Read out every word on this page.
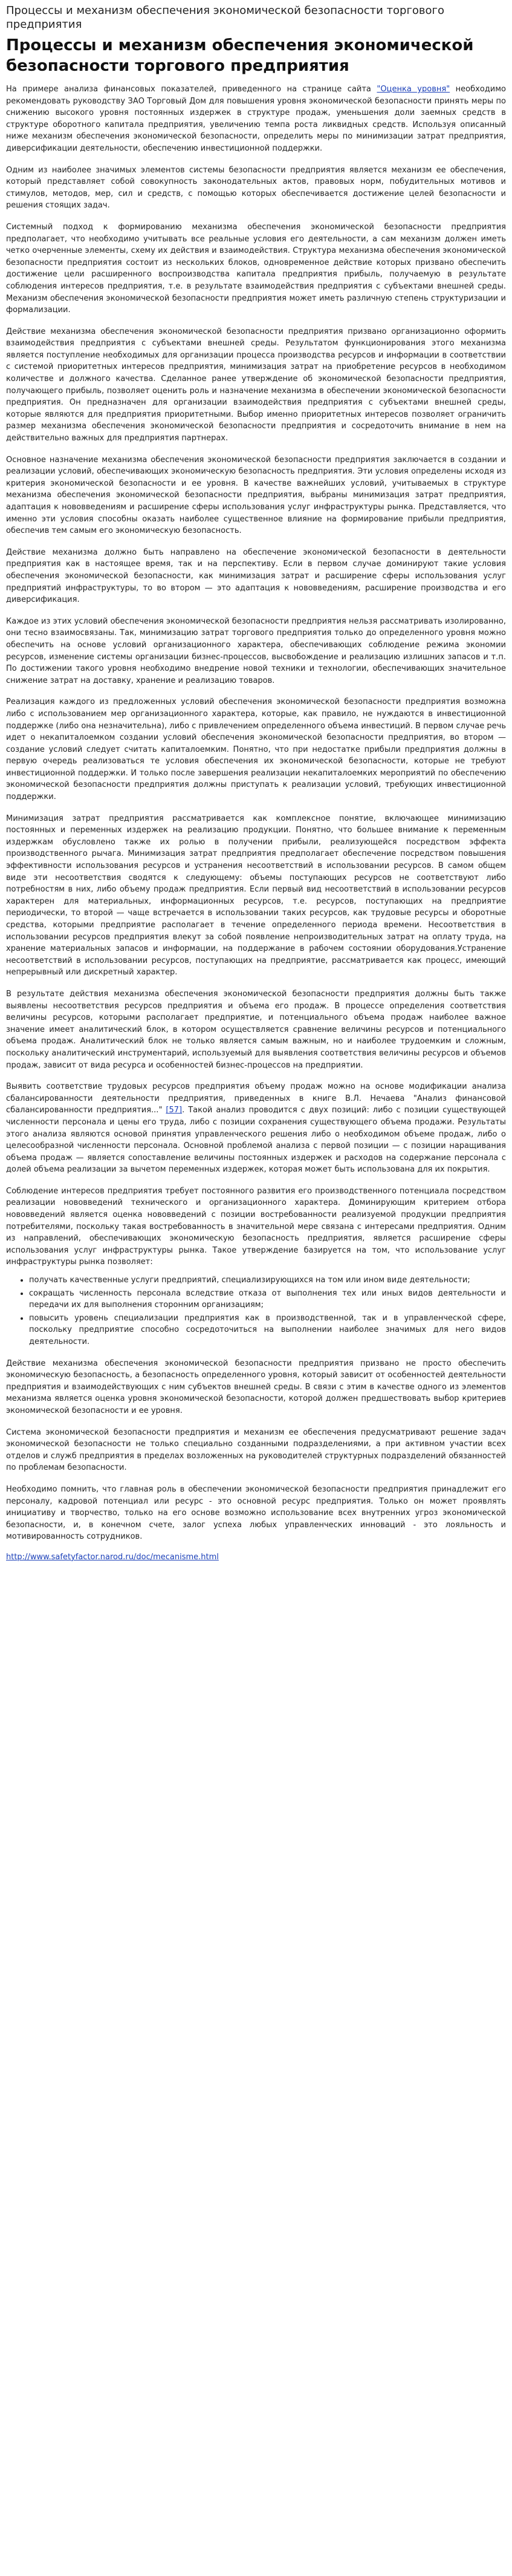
Процессы и механизм обеспечения экономической безопасности торгового предприятия
Процессы и механизм обеспечения экономической безопасности торгового предприятия

На примере анализа финансовых показателей, приведенного на странице сайта "Оценка уровня" необходимо рекомендовать руководству ЗАО Торговый Дом для повышения уровня экономической безопасности принять меры по снижению высокого уровня постоянных издержек в структуре продаж, уменьшения доли заемных средств в структуре оборотного капитала предприятия, увеличению темпа роста ликвидных средств. Используя описанный ниже механизм обеспечения экономической безопасности, определить меры по минимизации затрат предприятия, диверсификации деятельности, обеспечению инвестиционной поддержки.

Одним из наиболее значимых элементов системы безопасности предприятия является механизм ее обеспечения, который представляет собой совокупность законодательных актов, правовых норм, побудительных мотивов и стимулов, методов, мер, сил и средств, с помощью которых обеспечивается достижение целей безопасности и решения стоящих задач.

Системный подход к формированию механизма обеспечения экономической безопасности предприятия предполагает, что необходимо учитывать все реальные условия его деятельности, а сам механизм должен иметь четко очерченные элементы, схему их действия и взаимодействия. Структура механизма обеспечения экономической безопасности предприятия состоит из нескольких блоков, одновременное действие которых призвано обеспечить достижение цели расширенного воспроизводства капитала предприятия прибыль, получаемую в результате соблюдения интересов предприятия, т.е. в результате взаимодействия предприятия с субъектами внешней среды. Механизм обеспечения экономической безопасности предприятия может иметь различную степень структуризации и формализации.

Действие механизма обеспечения экономической безопасности предприятия призвано организационно оформить взаимодействия предприятия с субъектами внешней среды. Результатом функционирования этого механизма является поступление необходимых для организации процесса производства ресурсов и информации в соответствии с системой приоритетных интересов предприятия, минимизация затрат на приобретение ресурсов в необходимом количестве и должного качества. Сделанное ранее утверждение об экономической безопасности предприятия, получающего прибыль, позволяет оценить роль и назначение механизма в обеспечении экономической безопасности предприятия. Он предназначен для организации взаимодействия предприятия с субъектами внешней среды, которые являются для предприятия приоритетными. Выбор именно приоритетных интересов позволяет ограничить размер механизма обеспечения экономической безопасности предприятия и сосредоточить внимание в нем на действительно важных для предприятия партнерах.

Основное назначение механизма обеспечения экономической безопасности предприятия заключается в создании и реализации условий, обеспечивающих экономическую безопасность предприятия. Эти условия определены исходя из критерия экономической безопасности и ее уровня. В качестве важнейших условий, учитываемых в структуре механизма обеспечения экономической безопасности предприятия, выбраны минимизация затрат предприятия, адаптация к нововведениям и расширение сферы использования услуг инфраструктуры рынка. Представляется, что именно эти условия способны оказать наиболее существенное влияние на формирование прибыли предприятия, обеспечив тем самым его экономическую безопасность.

Действие механизма должно быть направлено на обеспечение экономической безопасности в деятельности предприятия как в настоящее время, так и на перспективу. Если в первом случае доминируют такие условия обеспечения экономической безопасности, как минимизация затрат и расширение сферы использования услуг предприятий инфраструктуры, то во втором — это адаптация к нововведениям, расширение производства и его диверсификация.

Каждое из этих условий обеспечения экономической безопасности предприятия нельзя рассматривать изолированно, они тесно взаимосвязаны. Так, минимизацию затрат торгового предприятия только до определенного уровня можно обеспечить на основе условий организационного характера, обеспечивающих соблюдение режима экономии ресурсов, изменение системы организации бизнес-процессов, высвобождение и реализацию излишних запасов и т.п. По достижении такого уровня необходимо внедрение новой техники и технологии, обеспечивающих значительное снижение затрат на доставку, хранение и реализацию товаров.

Реализация каждого из предложенных условий обеспечения экономической безопасности предприятия возможна либо с использованием мер организационного характера, которые, как правило, не нуждаются в инвестиционной поддержке (либо она незначительна), либо с привлечением определенного объема инвестиций. В первом случае речь идет о некапиталоемком создании условий обеспечения экономической безопасности предприятия, во втором — создание условий следует считать капиталоемким. Понятно, что при недостатке прибыли предприятия должны в первую очередь реализоваться те условия обеспечения их экономической безопасности, которые не требуют инвестиционной поддержки. И только после завершения реализации некапиталоемких мероприятий по обеспечению экономической безопасности предприятия должны приступать к реализации условий, требующих инвестиционной поддержки.

Минимизация затрат предприятия рассматривается как комплексное понятие, включающее минимизацию постоянных и переменных издержек на реализацию продукции. Понятно, что большее внимание к переменным издержкам обусловлено также их ролью в получении прибыли, реализующейся посредством эффекта производственного рычага. Минимизация затрат предприятия предполагает обеспечение посредством повышения эффективности использования ресурсов и устранения несоответствий в использовании ресурсов. В самом общем виде эти несоответствия сводятся к следующему: объемы поступающих ресурсов не соответствуют либо потребностям в них, либо объему продаж предприятия. Если первый вид несоответствий в использовании ресурсов характерен для материальных, информационных ресурсов, т.е. ресурсов, поступающих на предприятие периодически, то второй — чаще встречается в использовании таких ресурсов, как трудовые ресурсы и оборотные средства, которыми предприятие располагает в течение определенного периода времени. Несоответствия в использовании ресурсов предприятия влекут за собой появление непроизводительных затрат на оплату труда, на хранение материальных запасов и информации, на поддержание в рабочем состоянии оборудования.Устранение несоответствий в использовании ресурсов, поступающих на предприятие, рассматривается как процесс, имеющий непрерывный или дискретный характер.

В результате действия механизма обеспечения экономической безопасности предприятия должны быть также выявлены несоответствия ресурсов предприятия и объема его продаж. В процессе определения соответствия величины ресурсов, которыми располагает предприятие, и потенциального объема продаж наиболее важное значение имеет аналитический блок, в котором осуществляется сравнение величины ресурсов и потенциального объема продаж. Аналитический блок не только является самым важным, но и наиболее трудоемким и сложным, поскольку аналитический инструментарий, используемый для выявления соответствия величины ресурсов и объемов продаж, зависит от вида ресурса и особенностей бизнес-процессов на предприятии.

Выявить соответствие трудовых ресурсов предприятия объему продаж можно на основе модификации анализа сбалансированности деятельности предприятия, приведенных в книге В.Л. Нечаева "Анализ финансовой сбалансированности предприятия..." [57]. Такой анализ проводится с двух позиций: либо с позиции существующей численности персонала и цены его труда, либо с позиции сохранения существующего объема продажи. Результаты этого анализа являются основой принятия управленческого решения либо о необходимом объеме продаж, либо о целесообразной численности персонала. Основной проблемой анализа с первой позиции — с позиции наращивания объема продаж — является сопоставление величины постоянных издержек и расходов на содержание персонала с долей объема реализации за вычетом переменных издержек, которая может быть использована для их покрытия.

Соблюдение интересов предприятия требует постоянного развития его производственного потенциала посредством реализации нововведений технического и организационного характера. Доминирующим критерием отбора нововведений является оценка нововведений с позиции востребованности реализуемой продукции предприятия потребителями, поскольку такая востребованность в значительной мере связана с интересами предприятия. Одним из направлений, обеспечивающих экономическую безопасность предприятия, является расширение сферы использования услуг инфраструктуры рынка. Такое утверждение базируется на том, что использование услуг инфраструктуры рынка позволяет:

• получать качественные услуги предприятий, специализирующихся на том или ином виде деятельности;
• сокращать численность персонала вследствие отказа от выполнения тех или иных видов деятельности и передачи их для выполнения сторонним организациям;
• повысить уровень специализации предприятия как в производственной, так и в управленческой сфере, поскольку предприятие способно сосредоточиться на выполнении наиболее значимых для него видов деятельности.

Действие механизма обеспечения экономической безопасности предприятия призвано не просто обеспечить экономическую безопасность, а безопасность определенного уровня, который зависит от особенностей деятельности предприятия и взаимодействующих с ним субъектов внешней среды. В связи с этим в качестве одного из элементов механизма является оценка уровня экономической безопасности, которой должен предшествовать выбор критериев экономической безопасности и ее уровня.

Система экономической безопасности предприятия и механизм ее обеспечения предусматривают решение задач экономической безопасности не только специально созданными подразделениями, а при активном участии всех отделов и служб предприятия в пределах возложенных на руководителей структурных подразделений обязанностей по проблемам безопасности.

Необходимо помнить, что главная роль в обеспечении экономической безопасности предприятия принадлежит его персоналу, кадровой потенциал или ресурс - это основной ресурс предприятия. Только он может проявлять инициативу и творчество, только на его основе возможно использование всех внутренних угроз экономической безопасности, и, в конечном счете, залог успеха любых управленческих инноваций - это лояльность и мотивированность сотрудников.

http://www.safetyfactor.narod.ru/doc/mecanisme.html
